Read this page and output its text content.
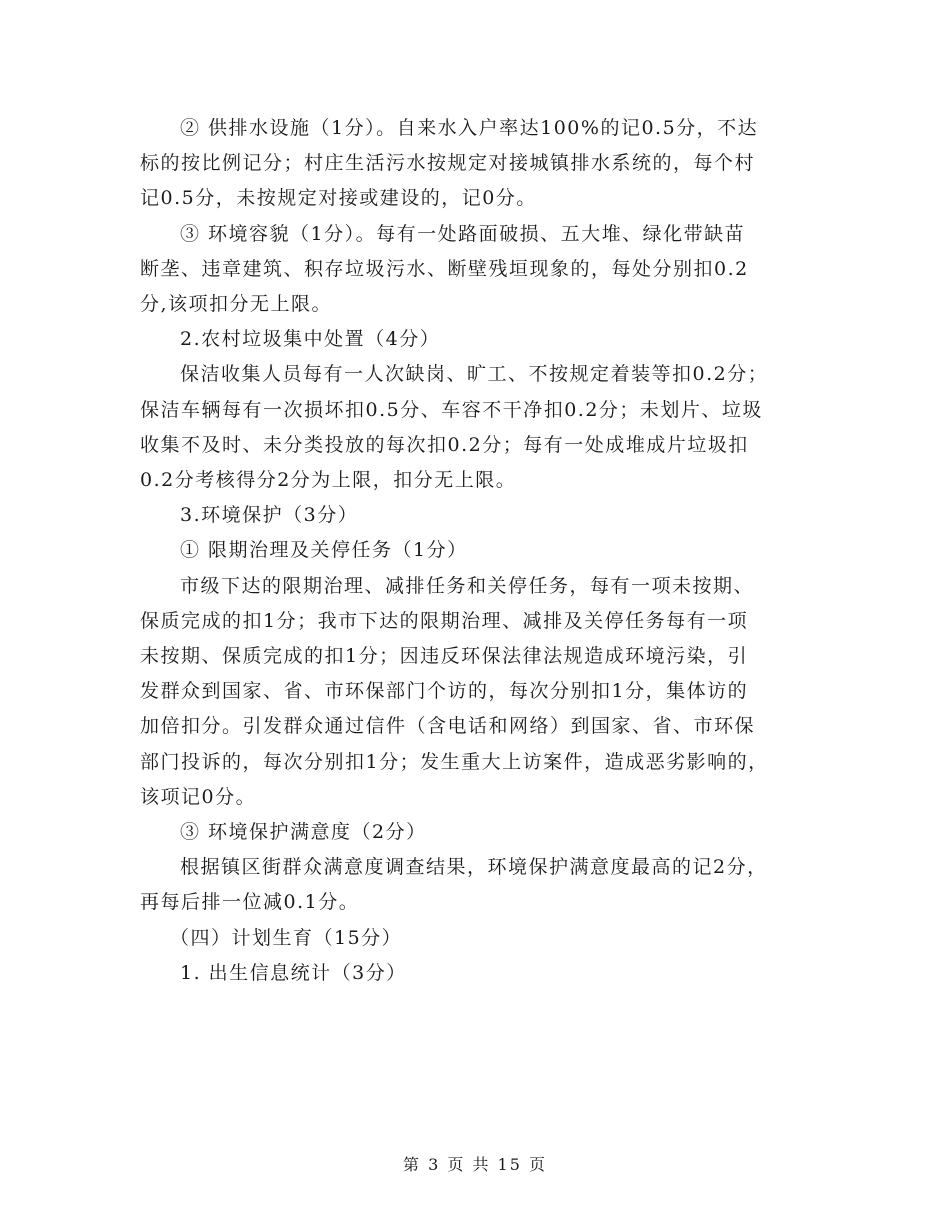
② 供排水设施（1分）。自来水入户率达100%的记0.5分，不达

标的按比例记分；村庄生活污水按规定对接城镇排水系统的，每个村

记0.5分，未按规定对接或建设的，记0分。

③ 环境容貌（1分）。每有一处路面破损、五大堆、绿化带缺苗

断垄、违章建筑、积存垃圾污水、断壁残垣现象的，每处分别扣0.2

分,该项扣分无上限。

2.农村垃圾集中处置（4分）

保洁收集人员每有一人次缺岗、旷工、不按规定着装等扣0.2分；

保洁车辆每有一次损坏扣0.5分、车容不干净扣0.2分；未划片、垃圾

收集不及时、未分类投放的每次扣0.2分；每有一处成堆成片垃圾扣

0.2分考核得分2分为上限，扣分无上限。

3.环境保护（3分）

① 限期治理及关停任务（1分）

市级下达的限期治理、减排任务和关停任务，每有一项未按期、

保质完成的扣1分；我市下达的限期治理、减排及关停任务每有一项

未按期、保质完成的扣1分；因违反环保法律法规造成环境污染，引

发群众到国家、省、市环保部门个访的，每次分别扣1分，集体访的

加倍扣分。引发群众通过信件（含电话和网络）到国家、省、市环保

部门投诉的，每次分别扣1分；发生重大上访案件，造成恶劣影响的，

该项记0分。

③ 环境保护满意度（2分）

根据镇区街群众满意度调查结果，环境保护满意度最高的记2分，

再每后排一位减0.1分。

（四）计划生育（15分）

1. 出生信息统计（3分）

第 3 页 共 15 页
